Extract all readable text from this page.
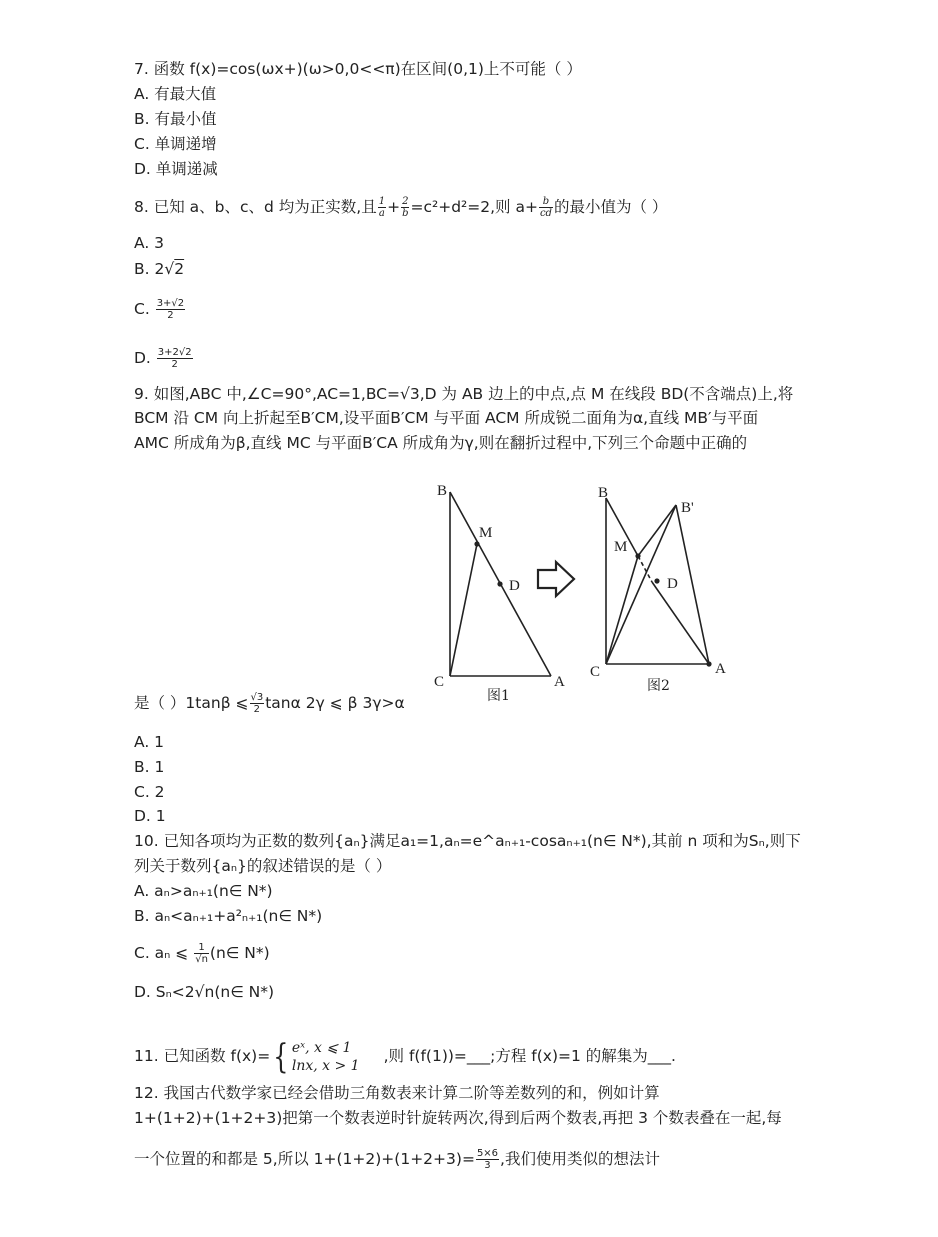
7. 函数 f(x)=cos(ωx+)(ω>0,0<<π)在区间(0,1)上不可能（ ）
A. 有最大值
B. 有最小值
C. 单调递增
D. 单调递减
8. 已知 a、b、c、d 均为正实数,且 $\frac{1}{a} + \frac{2}{b} =c^2+d^2=2$,则 $a+ \frac{b}{cd}$ 的最小值为（ ）
A. 3
B. 2√2
C. $\frac{3+√2}{2}$
D. $\frac{3+2√2}{2}$
9. 如图,ABC 中,∠C=90°,AC=1,BC=√3,D 为 AB 边上的中点,点 M 在线段 BD(不含端点)上,将
BCM 沿 CM 向上折起至B′CM,设平面B′CM 与平面 ACM 所成锐二面角为α,直线 MB′与平面
AMC 所成角为β,直线 MC 与平面B′CA 所成角为γ,则在翻折过程中,下列三个命题中正确的
B
M
D
C	A
B
B'
M
D
C	A
图1
图2
是（ ）1tanβ ⩽ $\frac{√3}{2}$ tanα 2γ ⩽ β 3γ>α
A. 1
B. 1
C. 2
D. 1
10. 已知各项均为正数的数列{aₙ}满足a₁=1,aₙ=e^aₙ₊₁-cosaₙ₊₁(n∈ N*),其前 n 项和为Sₙ,则下
列关于数列{aₙ}的叙述错误的是（ ）
A. aₙ>aₙ₊₁(n∈ N*)
B. aₙ<aₙ₊₁+a²ₙ₊₁(n∈ N*)
C. aₙ ⩽ $\frac{1}{√n}$ (n∈ N*)
D. Sₙ<2√n(n∈ N*)
11. 已知函数 f(x)={ eˣ, x ⩽ 1
lnx, x > 1
,则 f(f(1))=___;方程 f(x)=1 的解集为___.
12. 我国古代数学家已经会借助三角数表来计算二阶等差数列的和，例如计算
1+(1+2)+(1+2+3)把第一个数表逆时针旋转两次,得到后两个数表,再把 3 个数表叠在一起,每
一个位置的和都是 5,所以 $1+(1+2)+(1+2+3)= \frac{5\times 6}{3}$ ,我们使用类似的想法计
